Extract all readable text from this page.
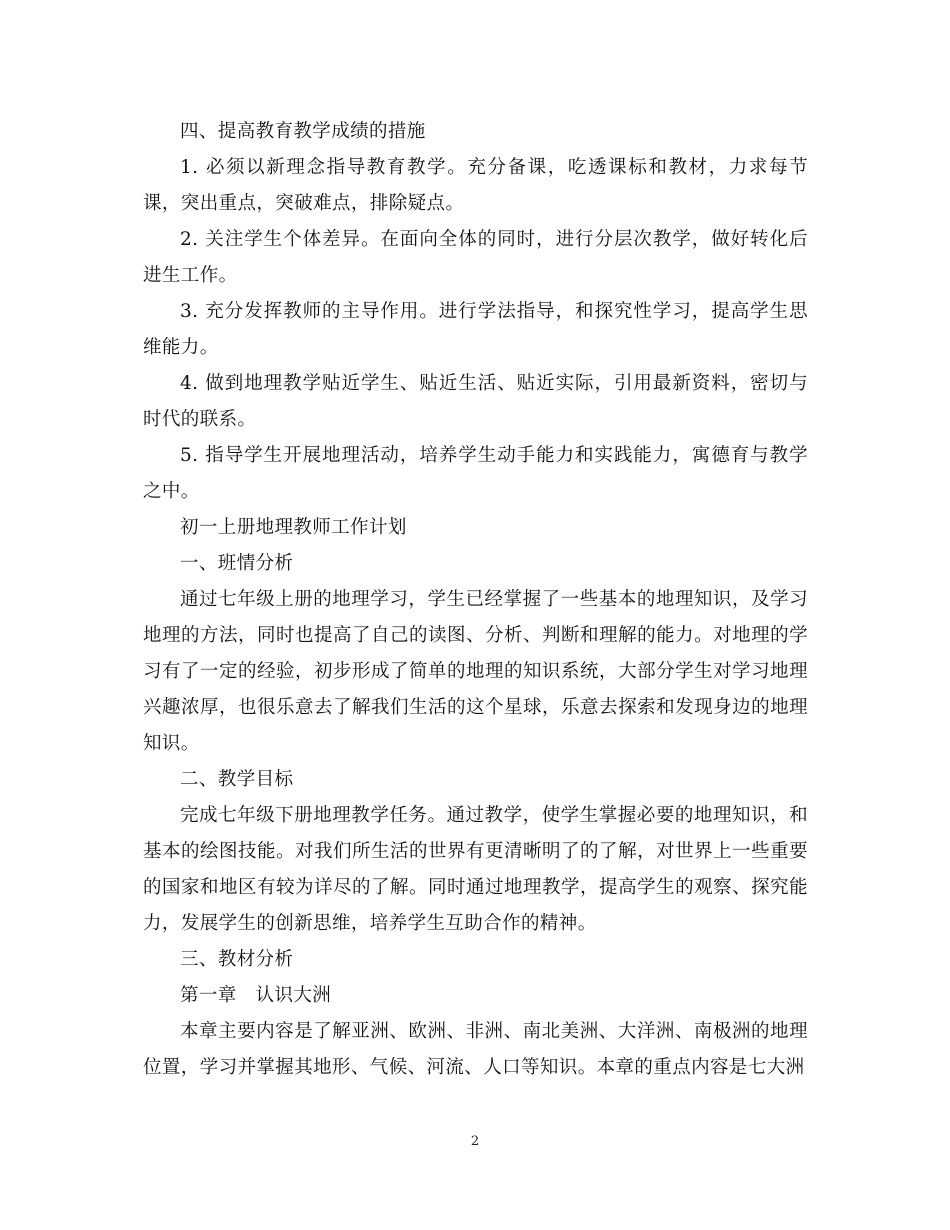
四、提高教育教学成绩的措施

1. 必须以新理念指导教育教学。充分备课，吃透课标和教材，力求每节课，突出重点，突破难点，排除疑点。

2. 关注学生个体差异。在面向全体的同时，进行分层次教学，做好转化后进生工作。

3. 充分发挥教师的主导作用。进行学法指导，和探究性学习，提高学生思维能力。

4. 做到地理教学贴近学生、贴近生活、贴近实际，引用最新资料，密切与时代的联系。

5. 指导学生开展地理活动，培养学生动手能力和实践能力，寓德育与教学之中。

初一上册地理教师工作计划

一、班情分析

通过七年级上册的地理学习，学生已经掌握了一些基本的地理知识，及学习地理的方法，同时也提高了自己的读图、分析、判断和理解的能力。对地理的学习有了一定的经验，初步形成了简单的地理的知识系统，大部分学生对学习地理兴趣浓厚，也很乐意去了解我们生活的这个星球，乐意去探索和发现身边的地理知识。

二、教学目标

完成七年级下册地理教学任务。通过教学，使学生掌握必要的地理知识，和基本的绘图技能。对我们所生活的世界有更清晰明了的了解，对世界上一些重要的国家和地区有较为详尽的了解。同时通过地理教学，提高学生的观察、探究能力，发展学生的创新思维，培养学生互助合作的精神。

三、教材分析

第一章　认识大洲

本章主要内容是了解亚洲、欧洲、非洲、南北美洲、大洋洲、南极洲的地理位置，学习并掌握其地形、气候、河流、人口等知识。本章的重点内容是七大洲

2
